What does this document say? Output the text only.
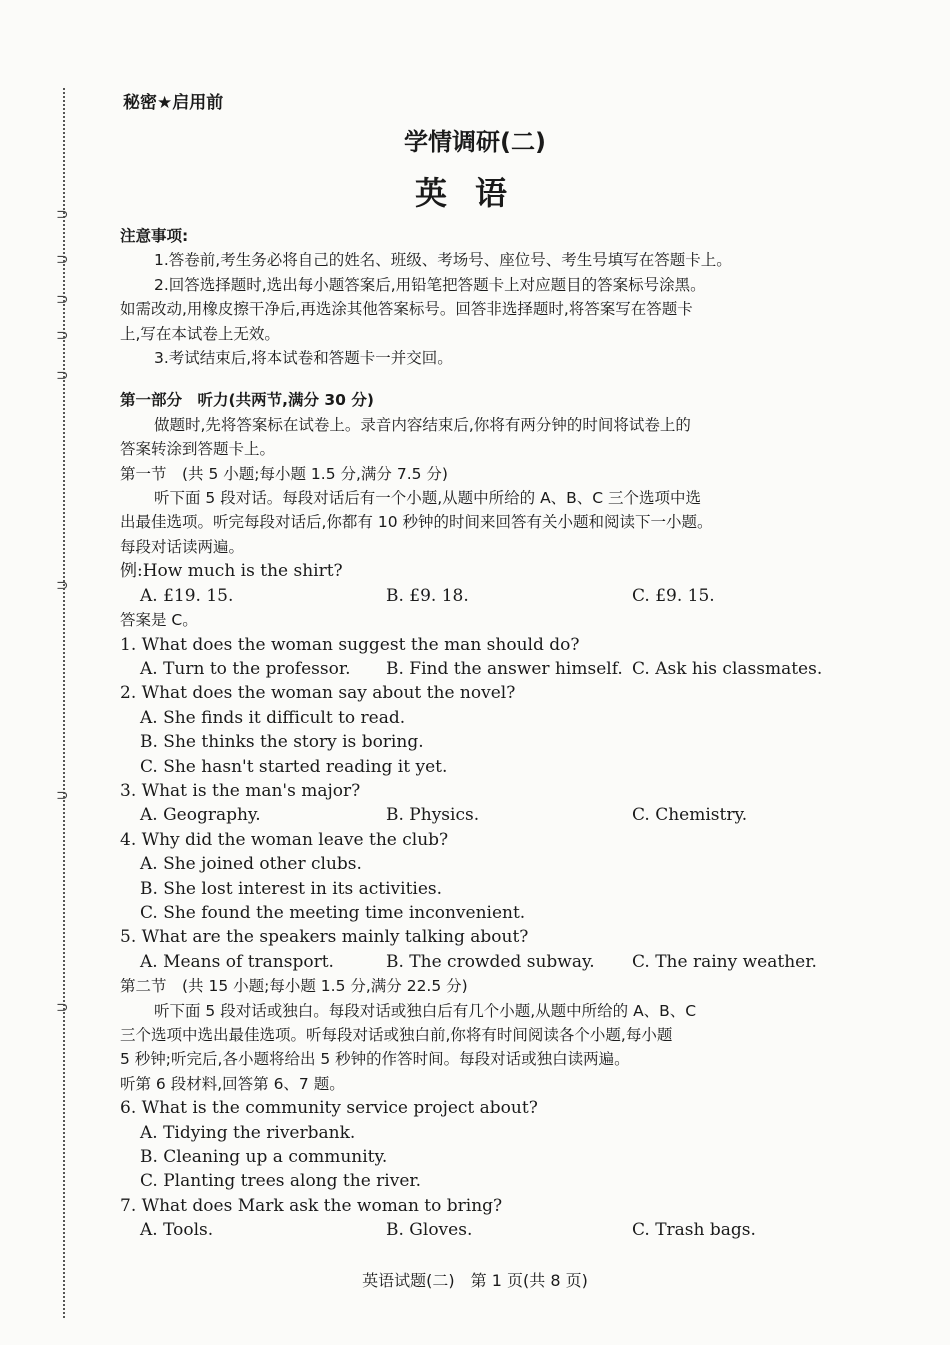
⊃
⊃
⊃
⊃
⊃
⊃
⊃
⊃
秘密★启用前
学情调研(二)
英语
注意事项:
1.答卷前,考生务必将自己的姓名、班级、考场号、座位号、考生号填写在答题卡上。
2.回答选择题时,选出每小题答案后,用铅笔把答题卡上对应题目的答案标号涂黑。
如需改动,用橡皮擦干净后,再选涂其他答案标号。回答非选择题时,将答案写在答题卡
上,写在本试卷上无效。
3.考试结束后,将本试卷和答题卡一并交回。
第一部分　听力(共两节,满分 30 分)
做题时,先将答案标在试卷上。录音内容结束后,你将有两分钟的时间将试卷上的
答案转涂到答题卡上。
第一节　(共 5 小题;每小题 1.5 分,满分 7.5 分)
听下面 5 段对话。每段对话后有一个小题,从题中所给的 A、B、C 三个选项中选
出最佳选项。听完每段对话后,你都有 10 秒钟的时间来回答有关小题和阅读下一小题。
每段对话读两遍。
例:How much is the shirt?
A. £19. 15.	B. £9. 18.	C. £9. 15.
答案是 C。
1. What does the woman suggest the man should do?
A. Turn to the professor.	B. Find the answer himself. C. Ask his classmates.
2. What does the woman say about the novel?
A. She finds it difficult to read.
B. She thinks the story is boring.
C. She hasn't started reading it yet.
3. What is the man's major?
A. Geography.	B. Physics.	C. Chemistry.
4. Why did the woman leave the club?
A. She joined other clubs.
B. She lost interest in its activities.
C. She found the meeting time inconvenient.
5. What are the speakers mainly talking about?
A. Means of transport.	B. The crowded subway.	C. The rainy weather.
第二节　(共 15 小题;每小题 1.5 分,满分 22.5 分)
听下面 5 段对话或独白。每段对话或独白后有几个小题,从题中所给的 A、B、C
三个选项中选出最佳选项。听每段对话或独白前,你将有时间阅读各个小题,每小题
5 秒钟;听完后,各小题将给出 5 秒钟的作答时间。每段对话或独白读两遍。
听第 6 段材料,回答第 6、7 题。
6. What is the community service project about?
A. Tidying the riverbank.
B. Cleaning up a community.
C. Planting trees along the river.
7. What does Mark ask the woman to bring?
A. Tools.	B. Gloves.	C. Trash bags.
英语试题(二)　第 1 页(共 8 页)
